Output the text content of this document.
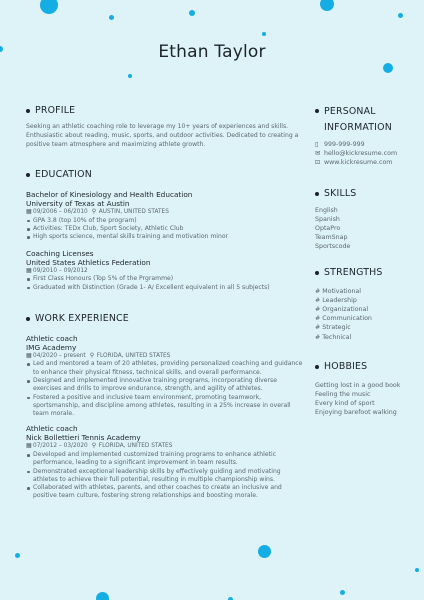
Ethan Taylor
PROFILE
Seeking an athletic coaching role to leverage my 10+ years of experiences and skills. Enthusiastic about reading, music, sports, and outdoor activities. Dedicated to creating a positive team atmosphere and maximizing athlete growth.
EDUCATION
Bachelor of Kinesiology and Health Education
University of Texas at Austin
▦ 09/2006 – 06/2010 ⚲ AUSTIN, UNITED STATES
GPA 3.8 (top 10% of the program)
Activities: TEDx Club, Sport Society, Athletic Club
High sports science, mental skills training and motivation minor
Coaching Licenses
United States Athletics Federation
▦ 09/2010 – 09/2012
First Class Honours (Top 5% of the Prgramme)
Graduated with Distinction (Grade 1- A/ Excellent equivalent in all 5 subjects)
WORK EXPERIENCE
Athletic coach
IMG Academy
▦ 04/2020 – present ⚲ FLORIDA, UNITED STATES
Led and mentored a team of 20 athletes, providing personalized coaching and guidance to enhance their physical fitness, technical skills, and overall performance.
Designed and implemented innovative training programs, incorporating diverse exercises and drills to improve endurance, strength, and agility of athletes.
Fostered a positive and inclusive team environment, promoting teamwork, sportsmanship, and discipline among athletes, resulting in a 25% increase in overall team morale.
Athletic coach
Nick Bollettieri Tennis Academy
▦ 07/2012 – 03/2020 ⚲ FLORIDA, UNITED STATES
Developed and implemented customized training programs to enhance athletic performance, leading to a significant improvement in team results.
Demonstrated exceptional leadership skills by effectively guiding and motivating athletes to achieve their full potential, resulting in multiple championship wins.
Collaborated with athletes, parents, and other coaches to create an inclusive and positive team culture, fostering strong relationships and boosting morale.
PERSONAL
INFORMATION
▯ 999-999-999
✉ hello@kickresume.com
⊡ www.kickresume.com
SKILLS
English
Spanish
OptaPro
TeamSnap
Sportscode
STRENGTHS
# Motivational
# Leadership
# Organizational
# Communication
# Strategic
# Technical
HOBBIES
Getting lost in a good book
Feeling the music
Every kind of sport
Enjoying barefoot walking
